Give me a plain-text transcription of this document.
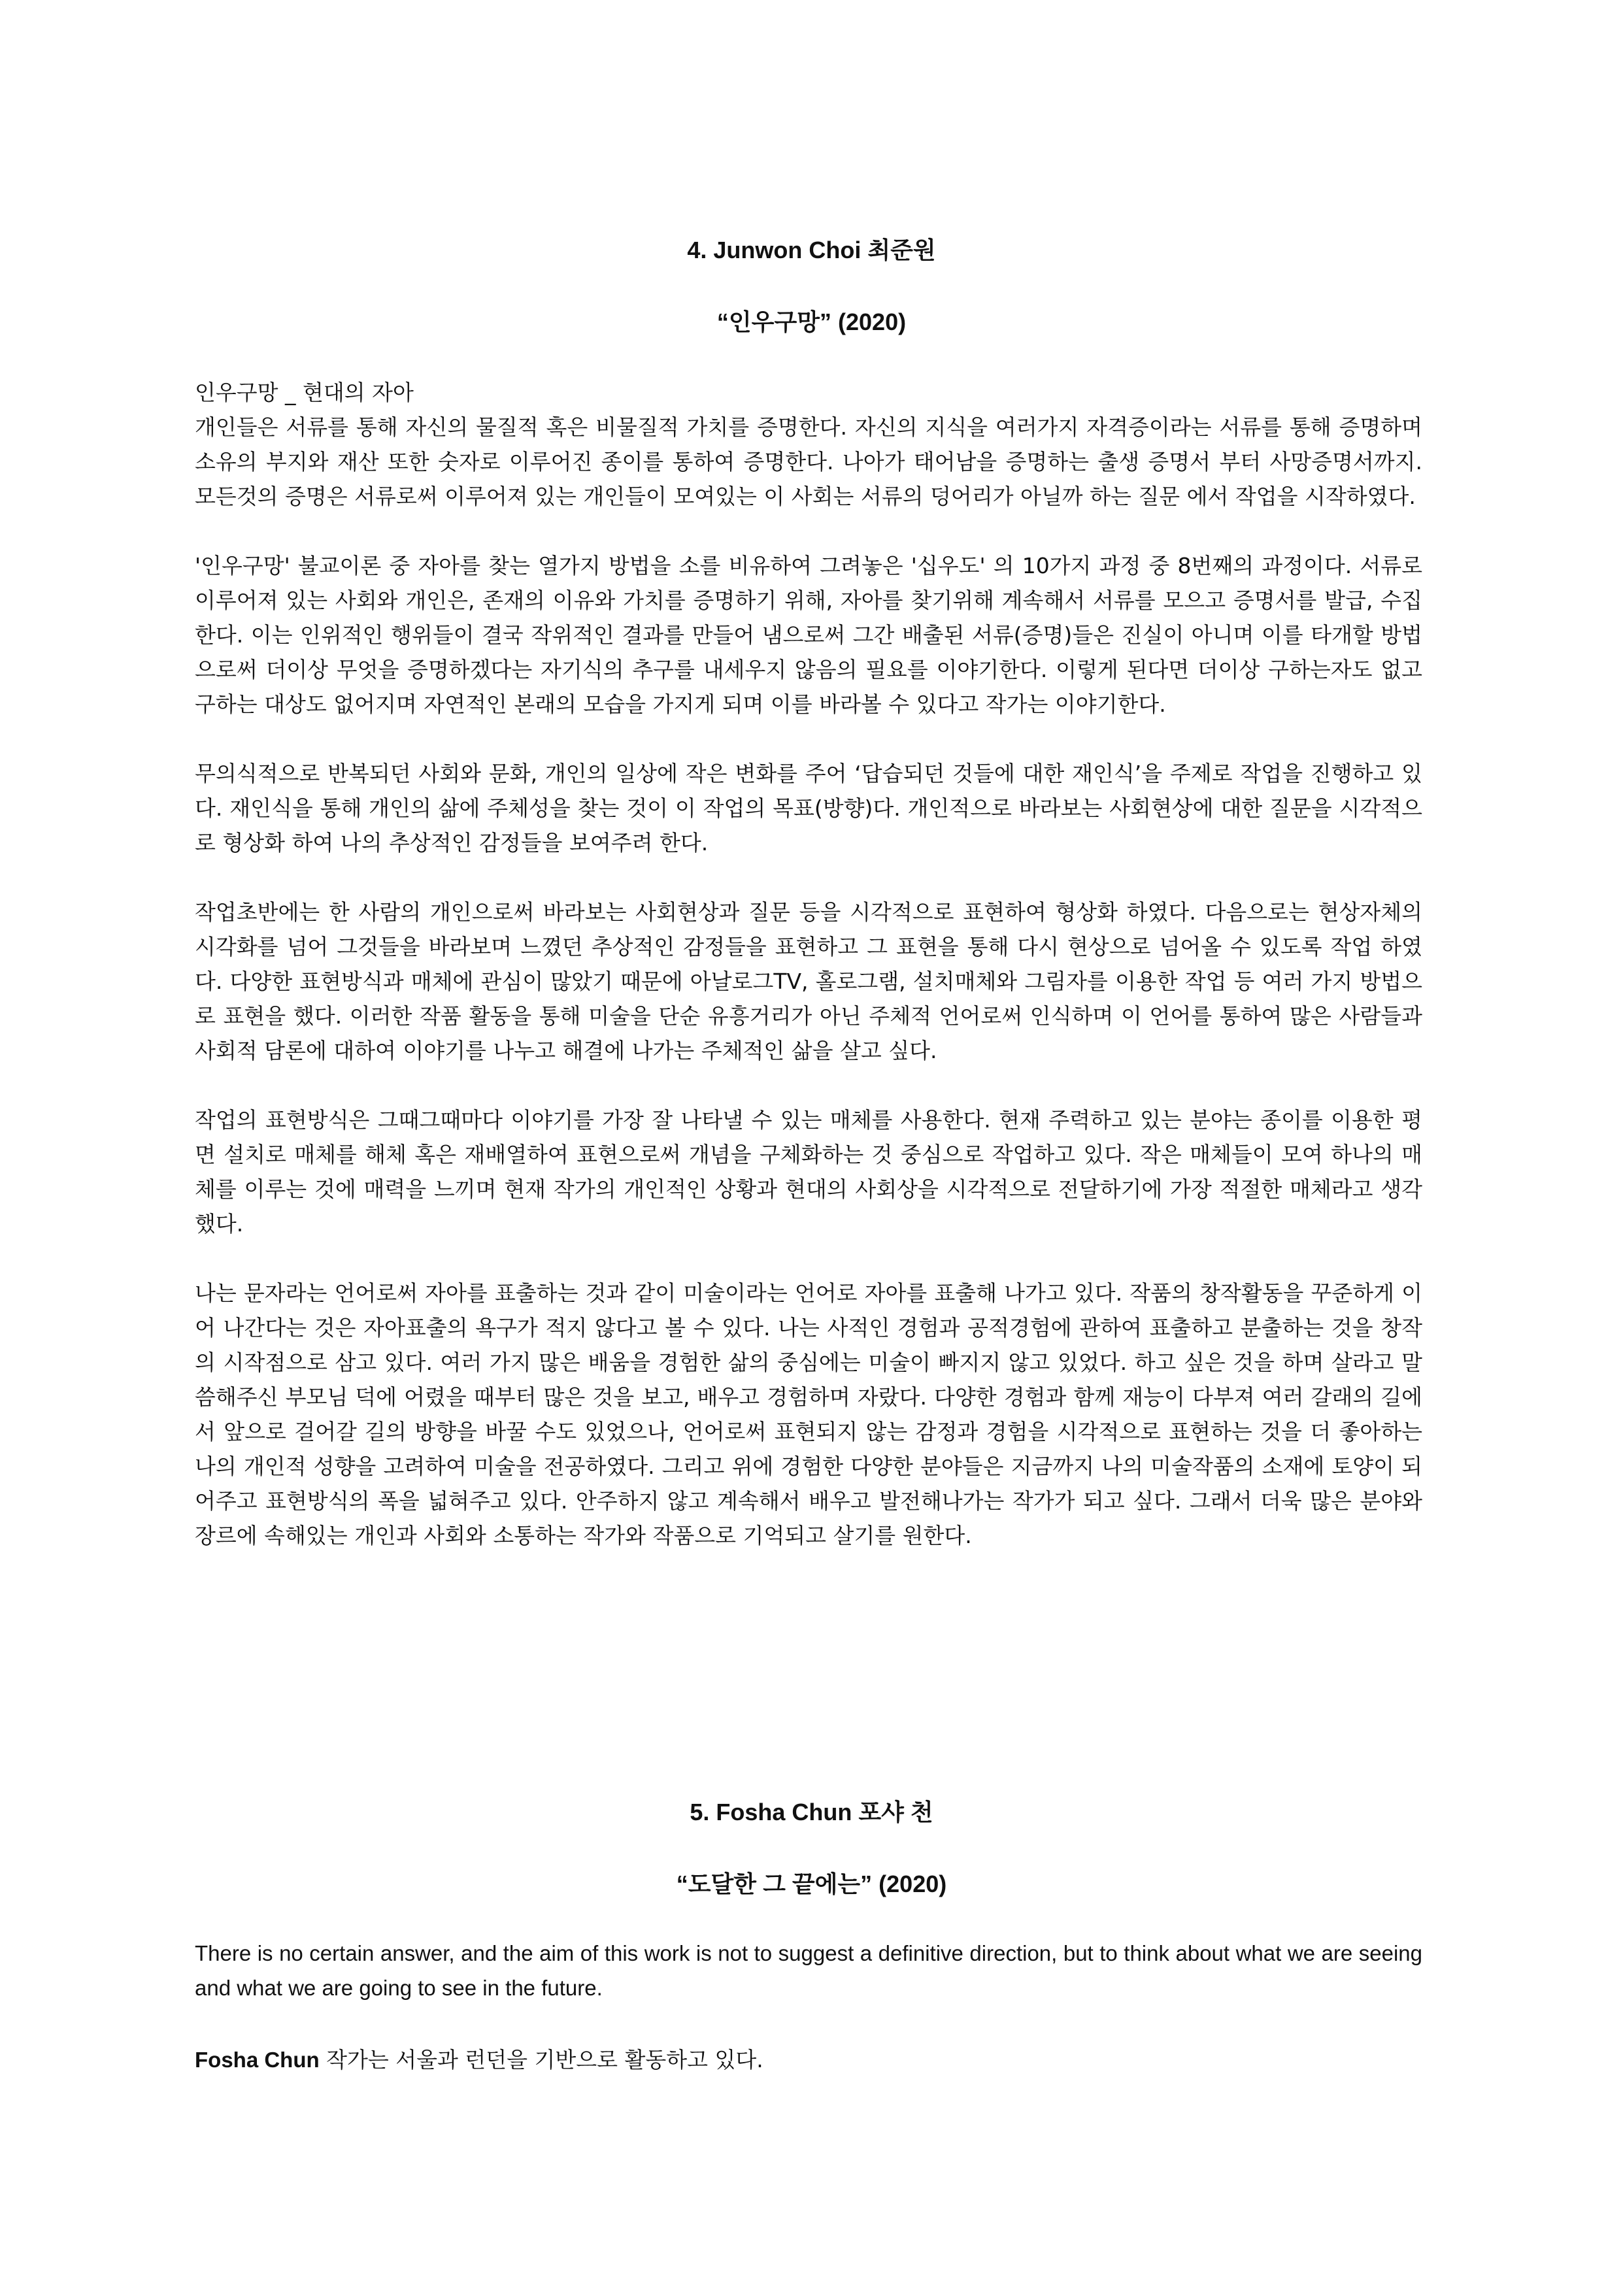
4. Junwon Choi 최준원
“인우구망” (2020)

인우구망 _ 현대의 자아

개인들은 서류를 통해 자신의 물질적 혹은 비물질적 가치를 증명한다. 자신의 지식을 여러가지 자격증이라는 서류를 통해 증명하며 소유의 부지와 재산 또한 숫자로 이루어진 종이를 통하여 증명한다. 나아가 태어남을 증명하는 출생 증명서 부터 사망증명서까지. 모든것의 증명은 서류로써 이루어져 있는 개인들이 모여있는 이 사회는 서류의 덩어리가 아닐까 하는 질문 에서 작업을 시작하였다.

'인우구망' 불교이론 중 자아를 찾는 열가지 방법을 소를 비유하여 그려놓은 '십우도' 의 10가지 과정 중 8번째의 과정이다. 서류로 이루어져 있는 사회와 개인은, 존재의 이유와 가치를 증명하기 위해, 자아를 찾기위해 계속해서 서류를 모으고 증명서를 발급, 수집한다. 이는 인위적인 행위들이 결국 작위적인 결과를 만들어 냄으로써 그간 배출된 서류(증명)들은 진실이 아니며 이를 타개할 방법으로써 더이상 무엇을 증명하겠다는 자기식의 추구를 내세우지 않음의 필요를 이야기한다. 이렇게 된다면 더이상 구하는자도 없고 구하는 대상도 없어지며 자연적인 본래의 모습을 가지게 되며 이를 바라볼 수 있다고 작가는 이야기한다.

무의식적으로 반복되던 사회와 문화, 개인의 일상에 작은 변화를 주어 ‘답습되던 것들에 대한 재인식’을 주제로 작업을 진행하고 있다. 재인식을 통해 개인의 삶에 주체성을 찾는 것이 이 작업의 목표(방향)다. 개인적으로 바라보는 사회현상에 대한 질문을 시각적으로 형상화 하여 나의 추상적인 감정들을 보여주려 한다.

작업초반에는 한 사람의 개인으로써 바라보는 사회현상과 질문 등을 시각적으로 표현하여 형상화 하였다. 다음으로는 현상자체의 시각화를 넘어 그것들을 바라보며 느꼈던 추상적인 감정들을 표현하고 그 표현을 통해 다시 현상으로 넘어올 수 있도록 작업 하였다. 다양한 표현방식과 매체에 관심이 많았기 때문에 아날로그TV, 홀로그램, 설치매체와 그림자를 이용한 작업 등 여러 가지 방법으로 표현을 했다. 이러한 작품 활동을 통해 미술을 단순 유흥거리가 아닌 주체적 언어로써 인식하며 이 언어를 통하여 많은 사람들과 사회적 담론에 대하여 이야기를 나누고 해결에 나가는 주체적인 삶을 살고 싶다.

작업의 표현방식은 그때그때마다 이야기를 가장 잘 나타낼 수 있는 매체를 사용한다. 현재 주력하고 있는 분야는 종이를 이용한 평면 설치로 매체를 해체 혹은 재배열하여 표현으로써 개념을 구체화하는 것 중심으로 작업하고 있다. 작은 매체들이 모여 하나의 매체를 이루는 것에 매력을 느끼며 현재 작가의 개인적인 상황과 현대의 사회상을 시각적으로 전달하기에 가장 적절한 매체라고 생각했다.

나는 문자라는 언어로써 자아를 표출하는 것과 같이 미술이라는 언어로 자아를 표출해 나가고 있다. 작품의 창작활동을 꾸준하게 이어 나간다는 것은 자아표출의 욕구가 적지 않다고 볼 수 있다. 나는 사적인 경험과 공적경험에 관하여 표출하고 분출하는 것을 창작의 시작점으로 삼고 있다. 여러 가지 많은 배움을 경험한 삶의 중심에는 미술이 빠지지 않고 있었다. 하고 싶은 것을 하며 살라고 말씀해주신 부모님 덕에 어렸을 때부터 많은 것을 보고, 배우고 경험하며 자랐다. 다양한 경험과 함께 재능이 다부져 여러 갈래의 길에서 앞으로 걸어갈 길의 방향을 바꿀 수도 있었으나, 언어로써 표현되지 않는 감정과 경험을 시각적으로 표현하는 것을 더 좋아하는 나의 개인적 성향을 고려하여 미술을 전공하였다. 그리고 위에 경험한 다양한 분야들은 지금까지 나의 미술작품의 소재에 토양이 되어주고 표현방식의 폭을 넓혀주고 있다. 안주하지 않고 계속해서 배우고 발전해나가는 작가가 되고 싶다. 그래서 더욱 많은 분야와 장르에 속해있는 개인과 사회와 소통하는 작가와 작품으로 기억되고 살기를 원한다.

5. Fosha Chun 포샤 천
“도달한 그 끝에는” (2020)
There is no certain answer, and the aim of this work is not to suggest a definitive direction, but to think about what we are seeing and what we are going to see in the future.
Fosha Chun 작가는 서울과 런던을 기반으로 활동하고 있다.
